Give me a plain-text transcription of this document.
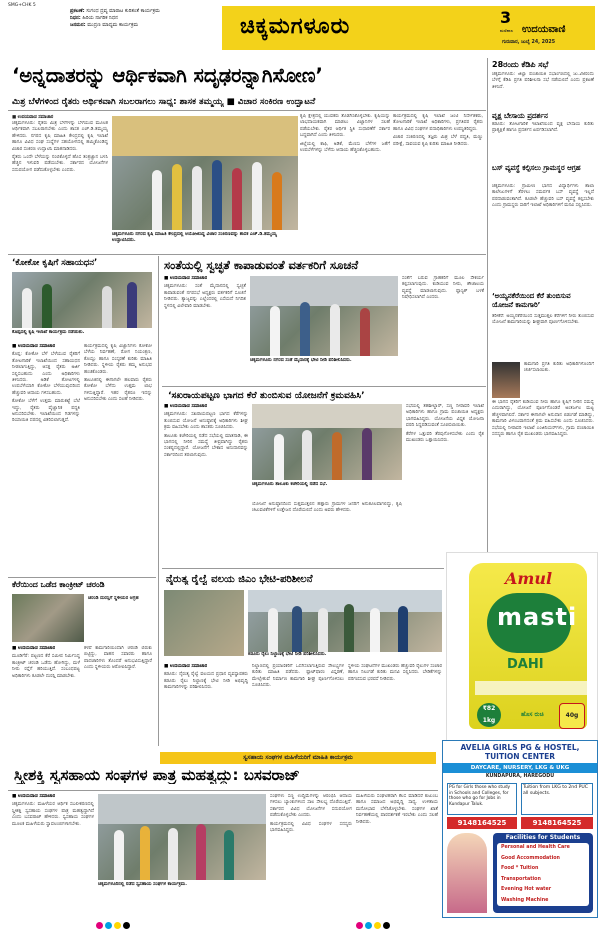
SMG+CHK 5
ಪ್ರಕಟಣೆ: ಸುಗಂಧ ದ್ರವ್ಯ ಮಾರಾಟ ಕುರಿತಂತೆ ಕಾರ್ಯಕ್ರಮ
ನಿಧನ: ಹಿರಿಯ ನಾಗರಿಕ ನಿಧನ
ಜನಮನ: ಮುದ್ರಣ ಮಾಧ್ಯಮ ಕಾರ್ಯಕ್ರಮ	ಚಿಕ್ಕಮಗಳೂರು	3
ಮಣಿಪಾಲ ಉದಯವಾಣಿ
ಗುರುವಾರ, ಜುಲೈ 24, 2025
‘ಅನ್ನದಾತರನ್ನು ಆರ್ಥಿಕವಾಗಿ ಸದೃಢರನ್ನಾಗಿಸೋಣ’
ಮಿಶ್ರ ಬೆಳೆಗಳಿಂದ ರೈತರು ಆರ್ಥಿಕವಾಗಿ ಸಬಲರಾಗಲು ಸಾಧ್ಯ: ಶಾಸಕ ತಮ್ಮಯ್ಯ ■ ವಿಚಾರ ಸಂಕಿರಣ ಉದ್ಘಾಟನೆ
■ ಉದಯವಾಣಿ ಸಮಾಚಾರ

ಚಿಕ್ಕಮಗಳೂರು: ರೈತರು ಮಿಶ್ರ ಬೆಳೆಗಳನ್ನು ಬೆಳೆಯುವ ಮೂಲಕ ಆರ್ಥಿಕವಾಗಿ ಸಬಲರಾಗಬೇಕು ಎಂದು ಶಾಸಕ ಎಚ್.ಡಿ.ತಮ್ಮಯ್ಯ ಹೇಳಿದರು. ನಗರದ ಕೃಷಿ ಮಾಹಿತಿ ಕೇಂದ್ರದಲ್ಲಿ ಕೃಷಿ ಇಲಾಖೆ ಹಾಗೂ ವಿವಿಧ ಸಂಘ ಸಂಸ್ಥೆಗಳ ಸಹಯೋಗದಲ್ಲಿ ಹಮ್ಮಿಕೊಂಡಿದ್ದ ವಿಚಾರ ಸಂಕಿರಣ ಉದ್ಘಾಟಿಸಿ ಮಾತನಾಡಿದರು.

ರೈತರು ಒಂದೇ ಬೆಳೆಯನ್ನು ನಂಬಿಕೊಳ್ಳದೆ ಹೊಸ ತಂತ್ರಜ್ಞಾನ ಬಳಸಿ ಹೆಚ್ಚಿನ ಇಳುವರಿ ಪಡೆಯಬೇಕು. ಸರ್ಕಾರದ ಯೋಜನೆಗಳ ಸದುಪಯೋಗ ಪಡೆದುಕೊಳ್ಳಬೇಕು ಎಂದರು.

ಚಿಕ್ಕಮಗಳೂರು ನಗರದ ಕೃಷಿ ಮಾಹಿತಿ ಕೇಂದ್ರದಲ್ಲಿ ಆಯೋಜಿಸಿದ್ದ ವಿಚಾರ ಸಂಕಿರಣವನ್ನು ಶಾಸಕ ಎಚ್.ಡಿ.ತಮ್ಮಯ್ಯ ಉದ್ಘಾಟಿಸಿದರು.

ಕೃಷಿ ಕ್ಷೇತ್ರದಲ್ಲಿ ಯುವಕರು ತೊಡಗಿಸಿಕೊಳ್ಳಬೇಕು. ಕೃಷಿಯನ್ನು ಲಾಭದಾಯಕವಾಗಿ ಮಾಡಲು ವಿಜ್ಞಾನಿಗಳ ಸಲಹೆ ಪಡೆಯಬೇಕು. ರೈತರ ಆರ್ಥಿಕ ಸ್ಥಿತಿ ಸುಧಾರಣೆಗೆ ಸರ್ಕಾರ ಬದ್ಧವಾಗಿದೆ ಎಂದು ತಿಳಿಸಿದರು.

ಜಿಲ್ಲೆಯಲ್ಲಿ ಕಾಫಿ, ಅಡಿಕೆ, ಮೆಣಸು ಬೆಳೆಗಳ ಜತೆಗೆ ಉಪಬೆಳೆಗಳನ್ನು ಬೆಳೆದು ಆದಾಯ ಹೆಚ್ಚಿಸಿಕೊಳ್ಳಬಹುದು.

ಕಾರ್ಯಕ್ರಮದಲ್ಲಿ ಕೃಷಿ ಇಲಾಖೆ ಜಂಟಿ ನಿರ್ದೇಶಕರು, ತೋಟಗಾರಿಕೆ ಇಲಾಖೆ ಅಧಿಕಾರಿಗಳು, ಪ್ರಗತಿಪರ ರೈತರು ಹಾಗೂ ವಿವಿಧ ಸಂಘಗಳ ಪದಾಧಿಕಾರಿಗಳು ಉಪಸ್ಥಿತರಿದ್ದರು.

ವಿಚಾರ ಸಂಕಿರಣದಲ್ಲಿ ತಜ್ಞರು ಮಿಶ್ರ ಬೆಳೆ ಪದ್ಧತಿ, ಮಣ್ಣು ಪರೀಕ್ಷೆ, ಸಾವಯವ ಕೃಷಿ ಕುರಿತು ಮಾಹಿತಿ ನೀಡಿದರು.

28ರಂದು ಕೆಡಿಪಿ ಸಭೆ

ಚಿಕ್ಕಮಗಳೂರು: ಜಿಲ್ಲಾ ಪಂಚಾಯಿತಿ ಸಭಾಂಗಣದಲ್ಲಿ ಜು.28ರಂದು ಬೆಳಗ್ಗೆ ಕೆಡಿಪಿ ಪ್ರಗತಿ ಪರಿಶೀಲನಾ ಸಭೆ ನಡೆಯಲಿದೆ ಎಂದು ಪ್ರಕಟಣೆ ತಿಳಿಸಿದೆ.

ವೃಕ್ಷ ಬೇಸಾಯ ಪ್ರದರ್ಶನ

ಕಡೂರು: ತೋಟಗಾರಿಕೆ ಇಲಾಖೆಯಿಂದ ವೃಕ್ಷ ಬೇಸಾಯ ಕುರಿತು ಪ್ರಾತ್ಯಕ್ಷಿಕೆ ಹಾಗೂ ಪ್ರದರ್ಶನ ಏರ್ಪಡಿಸಲಾಗಿದೆ.

ಬಸ್ ವ್ಯವಸ್ಥೆ ಕಲ್ಪಿಸಲು ಗ್ರಾಮಸ್ಥರ ಆಗ್ರಹ

ಚಿಕ್ಕಮಗಳೂರು: ಗ್ರಾಮೀಣ ಭಾಗದ ವಿದ್ಯಾರ್ಥಿಗಳು ಶಾಲಾ ಕಾಲೇಜುಗಳಿಗೆ ತೆರಳಲು ಸಮರ್ಪಕ ಬಸ್ ವ್ಯವಸ್ಥೆ ಇಲ್ಲದೆ ಪರದಾಡುವಂತಾಗಿದೆ. ಕೂಡಲೇ ಹೆಚ್ಚುವರಿ ಬಸ್ ವ್ಯವಸ್ಥೆ ಕಲ್ಪಿಸಬೇಕು ಎಂದು ಗ್ರಾಮಸ್ಥರು ಸಾರಿಗೆ ಇಲಾಖೆ ಅಧಿಕಾರಿಗಳಿಗೆ ಮನವಿ ಸಲ್ಲಿಸಿದರು.

‘ಅಯ್ಯನಕೆರೆಯಿಂದ ಕೆರೆ ತುಂಬಿಸುವ ಯೋಜನೆ ಕಾಮಗಾರಿ’

ತರೀಕೆರೆ: ಅಯ್ಯನಕೆರೆಯಿಂದ ಸುತ್ತಮುತ್ತಲ ಕೆರೆಗಳಿಗೆ ನೀರು ತುಂಬಿಸುವ ಯೋಜನೆ ಕಾಮಗಾರಿಯನ್ನು ಶೀಘ್ರವಾಗಿ ಪೂರ್ಣಗೊಳಿಸಬೇಕು.

ಕಾಮಗಾರಿ ಪ್ರಗತಿ ಕುರಿತು ಅಧಿಕಾರಿಗಳೊಂದಿಗೆ ಚರ್ಚಿಸಲಾಯಿತು.

ಈ ಭಾಗದ ರೈತರಿಗೆ ಕುಡಿಯುವ ನೀರು ಹಾಗೂ ಕೃಷಿಗೆ ನೀರಿನ ಸಮಸ್ಯೆ ಎದುರಾಗಿದ್ದು, ಯೋಜನೆ ಪೂರ್ಣಗೊಂಡರೆ ಅಂತರ್ಜಲ ಮಟ್ಟ ಹೆಚ್ಚಳವಾಗಲಿದೆ. ಸರ್ಕಾರ ಈಗಾಗಲೇ ಅನುದಾನ ಬಿಡುಗಡೆ ಮಾಡಿದ್ದು, ಕಾಮಗಾರಿ ವಿಳಂಬವಾಗದಂತೆ ಕ್ರಮ ವಹಿಸಬೇಕು ಎಂದು ಸೂಚಿಸಿದರು. ಸಭೆಯಲ್ಲಿ ನೀರಾವರಿ ಇಲಾಖೆ ಎಂಜಿನಿಯರ್‌ಗಳು, ಗ್ರಾಮ ಪಂಚಾಯಿತಿ ಸದಸ್ಯರು ಹಾಗೂ ರೈತ ಮುಖಂಡರು ಭಾಗವಹಿಸಿದ್ದರು.

‘ಕೋಕೋ ಕೃಷಿಗೆ ಸಹಾಯಧನ’
ಕೊಪ್ಪದಲ್ಲಿ ಕೃಷಿ ಇಲಾಖೆ ಕಾರ್ಯಕ್ರಮ ನಡೆಯಿತು.

■ ಉದಯವಾಣಿ ಸಮಾಚಾರ

ಕೊಪ್ಪ: ಕೋಕೋ ಬೆಳೆ ಬೆಳೆಯುವ ರೈತರಿಗೆ ತೋಟಗಾರಿಕೆ ಇಲಾಖೆಯಿಂದ ಸಹಾಯಧನ ನೀಡಲಾಗುತ್ತಿದ್ದು, ಆಸಕ್ತ ರೈತರು ಅರ್ಜಿ ಸಲ್ಲಿಸಬಹುದು ಎಂದು ಅಧಿಕಾರಿಗಳು ತಿಳಿಸಿದರು. ಅಡಿಕೆ ತೋಟಗಳಲ್ಲಿ ಉಪಬೆಳೆಯಾಗಿ ಕೋಕೋ ಬೆಳೆಯುವುದರಿಂದ ಹೆಚ್ಚುವರಿ ಆದಾಯ ಗಳಿಸಬಹುದು.

ಕೋಕೋ ಬೆಳೆಗೆ ಉತ್ತಮ ಮಾರುಕಟ್ಟೆ ಬೆಲೆ ಇದ್ದು, ರೈತರು ವೈಜ್ಞಾನಿಕ ಪದ್ಧತಿ ಅನುಸರಿಸಬೇಕು. ಇಲಾಖೆಯಿಂದ ಗಿಡಗಳನ್ನು ರಿಯಾಯಿತಿ ದರದಲ್ಲಿ ವಿತರಿಸಲಾಗುತ್ತದೆ.

ಕಾರ್ಯಕ್ರಮದಲ್ಲಿ ಕೃಷಿ ವಿಜ್ಞಾನಿಗಳು ಕೋಕೋ ಬೆಳೆಯ ನಿರ್ವಹಣೆ, ರೋಗ ನಿಯಂತ್ರಣ, ಕೊಯ್ಲು ಹಾಗೂ ಸಂಸ್ಕರಣೆ ಕುರಿತು ಮಾಹಿತಿ ನೀಡಿದರು. ಸ್ಥಳೀಯ ರೈತರು ತಮ್ಮ ಅನುಭವ ಹಂಚಿಕೊಂಡರು.

ತಾಲೂಕಿನಲ್ಲಿ ಈಗಾಗಲೇ ಹಲವಾರು ರೈತರು ಕೋಕೋ ಬೆಳೆದು ಉತ್ತಮ ಲಾಭ ಗಳಿಸುತ್ತಿದ್ದಾರೆ. ಇತರ ರೈತರೂ ಇದನ್ನು ಅನುಸರಿಸಬೇಕು ಎಂದು ಸಲಹೆ ನೀಡಿದರು.

ಕೆರೆಯಿಂದ ಒಡೆದ ಕಾಂಕ್ರೀಟ್ ಚರಂಡಿ
ಚರಂಡಿ ದುರಸ್ತಿಗೆ ಸ್ಥಳೀಯರ ಆಗ್ರಹ

■ ಉದಯವಾಣಿ ಸಮಾಚಾರ

ಮೂಡಿಗೆರೆ: ಪಟ್ಟಣದ ಕೆರೆ ಸಮೀಪ ನಿರ್ಮಿಸಿದ್ದ ಕಾಂಕ್ರೀಟ್ ಚರಂಡಿ ಒಡೆದು ಹೋಗಿದ್ದು, ಮಳೆ ನೀರು ರಸ್ತೆಗೆ ಹರಿಯುತ್ತಿದೆ. ಸಂಬಂಧಪಟ್ಟ ಅಧಿಕಾರಿಗಳು ಕೂಡಲೇ ದುರಸ್ತಿ ಮಾಡಬೇಕು.

ಕಳಪೆ ಕಾಮಗಾರಿಯಿಂದಾಗಿ ಚರಂಡಿ ಬಿರುಕು ಬಿಟ್ಟಿದ್ದು, ವಾಹನ ಸವಾರರು ಹಾಗೂ ಪಾದಚಾರಿಗಳು ತೊಂದರೆ ಅನುಭವಿಸುತ್ತಿದ್ದಾರೆ ಎಂದು ಸ್ಥಳೀಯರು ಆರೋಪಿಸಿದ್ದಾರೆ.

ಸಂತೆಯಲ್ಲಿ ಸ್ವಚ್ಛತೆ ಕಾಪಾಡುವಂತೆ ವರ್ತಕರಿಗೆ ಸೂಚನೆ

■ ಉದಯವಾಣಿ ಸಮಾಚಾರ

ಚಿಕ್ಕಮಗಳೂರು: ಸಂತೆ ಮೈದಾನದಲ್ಲಿ ಸ್ವಚ್ಛತೆ ಕಾಪಾಡುವಂತೆ ನಗರಸಭೆ ಅಧ್ಯಕ್ಷರು ವರ್ತಕರಿಗೆ ಸೂಚನೆ ನೀಡಿದರು. ತ್ಯಾಜ್ಯವನ್ನು ಎಲ್ಲೆಂದರಲ್ಲಿ ಎಸೆಯದೆ ನಿಗದಿತ ಸ್ಥಳದಲ್ಲಿ ವಿಲೇವಾರಿ ಮಾಡಬೇಕು.

ಚಿಕ್ಕಮಗಳೂರು ನಗರದ ಸಂತೆ ಮೈದಾನಕ್ಕೆ ಭೇಟಿ ನೀಡಿ ಪರಿಶೀಲಿಸಿದರು.

ಸಂತೆಗೆ ಬರುವ ಗ್ರಾಹಕರಿಗೆ ಮೂಲ ಸೌಕರ್ಯ ಕಲ್ಪಿಸಲಾಗುವುದು. ಕುಡಿಯುವ ನೀರು, ಶೌಚಾಲಯ ವ್ಯವಸ್ಥೆ ಮಾಡಲಾಗುವುದು. ಪ್ಲಾಸ್ಟಿಕ್ ಬಳಕೆ ನಿಷೇಧಿಸಲಾಗಿದೆ ಎಂದರು.

‘ಸಖರಾಯಪಟ್ಟಣ ಭಾಗದ ಕೆರೆ ತುಂಬಿಸುವ ಯೋಜನೆಗೆ ಕ್ರಮವಹಿಸಿ’

■ ಉದಯವಾಣಿ ಸಮಾಚಾರ

ಚಿಕ್ಕಮಗಳೂರು: ಸಖರಾಯಪಟ್ಟಣ ಭಾಗದ ಕೆರೆಗಳನ್ನು ತುಂಬಿಸುವ ಯೋಜನೆ ಅನುಷ್ಠಾನಕ್ಕೆ ಅಧಿಕಾರಿಗಳು ಶೀಘ್ರ ಕ್ರಮ ವಹಿಸಬೇಕು ಎಂದು ಶಾಸಕರು ಸೂಚಿಸಿದರು.

ತಾಲೂಕು ಕಚೇರಿಯಲ್ಲಿ ನಡೆದ ಸಭೆಯಲ್ಲಿ ಮಾತನಾಡಿ, ಈ ಭಾಗದಲ್ಲಿ ನೀರಿನ ಸಮಸ್ಯೆ ತೀವ್ರವಾಗಿದ್ದು ರೈತರು ಸಂಕಷ್ಟದಲ್ಲಿದ್ದಾರೆ. ಯೋಜನೆಗೆ ಬೇಕಾದ ಅನುದಾನವನ್ನು ಸರ್ಕಾರದಿಂದ ತರಲಾಗುವುದು.

ಚಿಕ್ಕಮಗಳೂರು ತಾಲೂಕು ಕಚೇರಿಯಲ್ಲಿ ನಡೆದ ಸಭೆ.

ಸಭೆಯಲ್ಲಿ ತಹಶೀಲ್ದಾರ್, ಸಣ್ಣ ನೀರಾವರಿ ಇಲಾಖೆ ಅಧಿಕಾರಿಗಳು ಹಾಗೂ ಗ್ರಾಮ ಪಂಚಾಯಿತಿ ಅಧ್ಯಕ್ಷರು ಭಾಗವಹಿಸಿದ್ದರು. ಯೋಜನೆಯ ವಿಸ್ತೃತ ಯೋಜನಾ ವರದಿ ಸಿದ್ಧಪಡಿಸುವಂತೆ ಸೂಚಿಸಲಾಯಿತು.

ಕೆರೆಗಳ ಒತ್ತುವರಿ ತೆರವುಗೊಳಿಸಬೇಕು ಎಂದು ರೈತ ಮುಖಂಡರು ಒತ್ತಾಯಿಸಿದರು.

ಯೋಜನೆ ಅನುಷ್ಠಾನದಿಂದ ಸುತ್ತಮುತ್ತಲಿನ ಹತ್ತಾರು ಗ್ರಾಮಗಳ ಜನರಿಗೆ ಅನುಕೂಲವಾಗಲಿದ್ದು, ಕೃಷಿ ಚಟುವಟಿಕೆಗಳಿಗೆ ಉತ್ತೇಜನ ದೊರೆಯಲಿದೆ ಎಂದು ಅವರು ಹೇಳಿದರು.

ನೈರುತ್ಯ ರೈಲ್ವೆ ವಲಯ ಜಿಎಂ ಭೇಟಿ-ಪರಿಶೀಲನೆ
ಕಡೂರು ರೈಲು ನಿಲ್ದಾಣಕ್ಕೆ ಭೇಟಿ ನೀಡಿ ಪರಿಶೀಲಿಸಿದರು.

■ ಉದಯವಾಣಿ ಸಮಾಚಾರ

ಕಡೂರು: ನೈರುತ್ಯ ರೈಲ್ವೆ ವಲಯದ ಪ್ರಧಾನ ವ್ಯವಸ್ಥಾಪಕರು ಕಡೂರು ರೈಲು ನಿಲ್ದಾಣಕ್ಕೆ ಭೇಟಿ ನೀಡಿ ಅಭಿವೃದ್ಧಿ ಕಾಮಗಾರಿಗಳನ್ನು ಪರಿಶೀಲಿಸಿದರು.

ನಿಲ್ದಾಣದಲ್ಲಿ ಪ್ರಯಾಣಿಕರಿಗೆ ಒದಗಿಸಲಾಗುತ್ತಿರುವ ಸೌಲಭ್ಯಗಳ ಕುರಿತು ಮಾಹಿತಿ ಪಡೆದರು. ಪ್ಲಾಟ್‌ಫಾರಂ ವಿಸ್ತರಣೆ, ಮೇಲ್ಸೇತುವೆ ನಿರ್ಮಾಣ ಕಾಮಗಾರಿ ಶೀಘ್ರ ಪೂರ್ಣಗೊಳಿಸಲು ಸೂಚಿಸಿದರು.

ಸ್ಥಳೀಯ ಸಂಘಟನೆಗಳ ಮುಖಂಡರು ಹೆಚ್ಚುವರಿ ರೈಲುಗಳ ಸಂಚಾರ ಹಾಗೂ ನಿಲುಗಡೆ ಕುರಿತು ಮನವಿ ಸಲ್ಲಿಸಿದರು. ಬೇಡಿಕೆಗಳನ್ನು ಪರಿಗಣಿಸುವ ಭರವಸೆ ನೀಡಿದರು.

Amul
masti
DAHI
₹82
1kg
ಹೊಸ ರುಚಿ	40g
ಸ್ವಸಹಾಯ ಸಂಘಗಳ ಮಹಿಳೆಯರಿಗೆ ಮಾಹಿತಿ ಕಾರ್ಯಕ್ರಮ
ಸ್ತ್ರೀಶಕ್ತಿ ಸ್ವಸಹಾಯ ಸಂಘಗಳ ಪಾತ್ರ ಮಹತ್ವದ್ದು: ಬಸವರಾಜ್

■ ಉದಯವಾಣಿ ಸಮಾಚಾರ

ಚಿಕ್ಕಮಗಳೂರು: ಮಹಿಳೆಯರ ಆರ್ಥಿಕ ಸಬಲೀಕರಣದಲ್ಲಿ ಸ್ತ್ರೀಶಕ್ತಿ ಸ್ವಸಹಾಯ ಸಂಘಗಳ ಪಾತ್ರ ಮಹತ್ವದ್ದಾಗಿದೆ ಎಂದು ಬಸವರಾಜ್ ಹೇಳಿದರು. ಸ್ವಸಹಾಯ ಸಂಘಗಳ ಮೂಲಕ ಮಹಿಳೆಯರು ಸ್ವಾವಲಂಬಿಗಳಾಗಬೇಕು.

ಚಿಕ್ಕಮಗಳೂರಿನಲ್ಲಿ ನಡೆದ ಸ್ವಸಹಾಯ ಸಂಘಗಳ ಕಾರ್ಯಕ್ರಮ.

ಸಂಘಗಳು ಸಣ್ಣ ಉದ್ದಿಮೆಗಳನ್ನು ಆರಂಭಿಸಿ ಆದಾಯ ಗಳಿಸಲು ಬ್ಯಾಂಕುಗಳಿಂದ ಸಾಲ ಸೌಲಭ್ಯ ದೊರೆಯುತ್ತಿದೆ. ಸರ್ಕಾರದ ವಿವಿಧ ಯೋಜನೆಗಳ ಸದುಪಯೋಗ ಪಡೆದುಕೊಳ್ಳಬೇಕು ಎಂದರು.

ಕಾರ್ಯಕ್ರಮದಲ್ಲಿ ವಿವಿಧ ಸಂಘಗಳ ಸದಸ್ಯರು ಭಾಗವಹಿಸಿದ್ದರು.

ಮಹಿಳೆಯರು ಸಂಘಟಿತರಾಗಿ ಕೆಲಸ ಮಾಡಿದರೆ ಕುಟುಂಬ ಹಾಗೂ ಸಮಾಜದ ಅಭಿವೃದ್ಧಿ ಸಾಧ್ಯ. ಉಳಿತಾಯ ಮನೋಭಾವ ಬೆಳೆಸಿಕೊಳ್ಳಬೇಕು. ಸಂಘಗಳ ಖಾತೆ ನಿರ್ವಹಣೆಯಲ್ಲಿ ಪಾರದರ್ಶಕತೆ ಇರಬೇಕು ಎಂದು ಸಲಹೆ ನೀಡಿದರು.

AVELIA GIRLS PG & HOSTEL, TUITION CENTER
DAYCARE, NURSERY, LKG & UKG
KUNDAPURA, HAREGODU
PG for Girls those who study in Schools and Colleges, for those who go for Jobs in Kundapur Taluk.
Tuition from LKG to 2nd PUC all subjects.
9148164525	9148164525
Facilities for Students
Personal and Health Care
Good Accommodation
Food * Tuition
Transportation
Evening Hot water
Washing Machine
